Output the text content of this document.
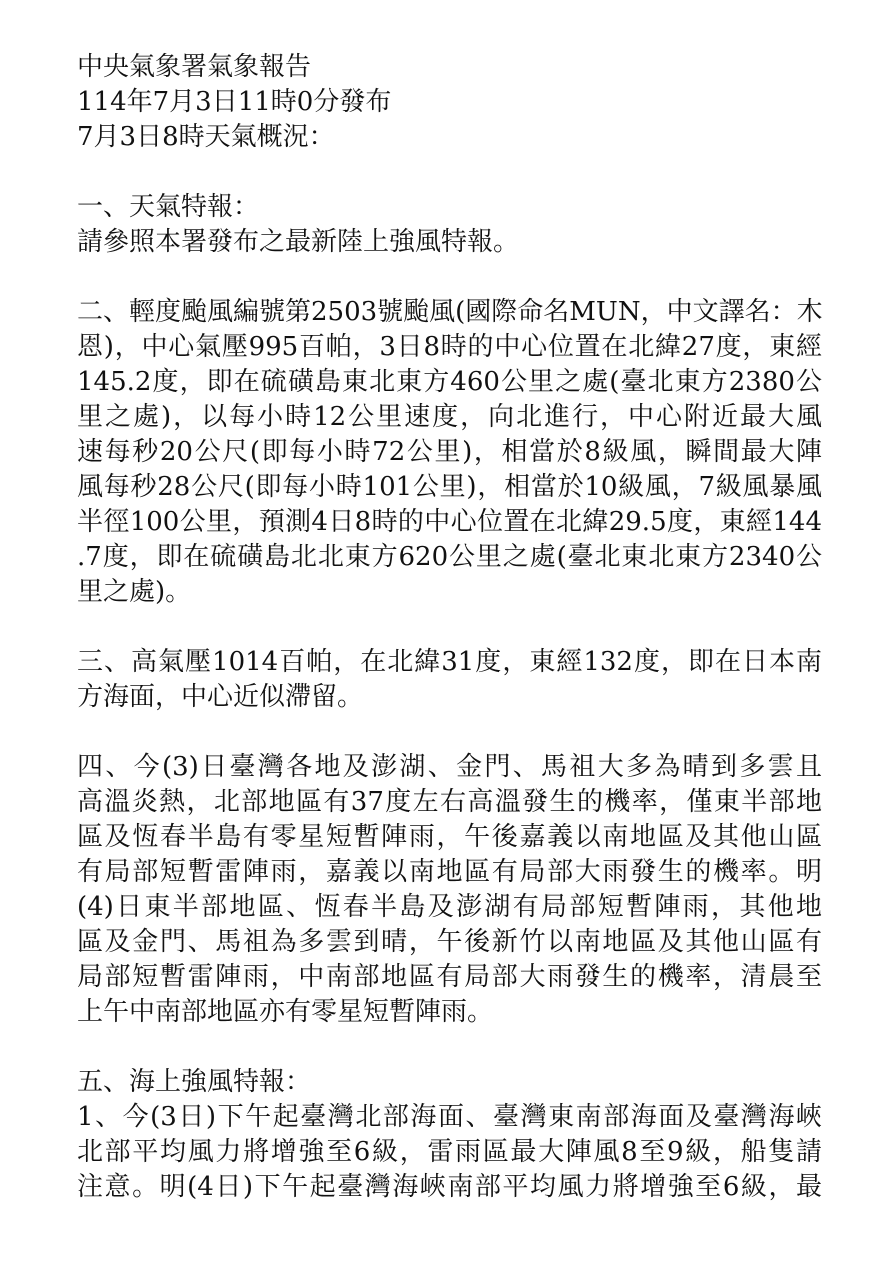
中央氣象署氣象報告
114年7月3日11時0分發布
7月3日8時天氣概況：
一、天氣特報：
請參照本署發布之最新陸上強風特報。
二、輕度颱風編號第2503號颱風(國際命名MUN，中文譯名：木
恩)，中心氣壓995百帕，3日8時的中心位置在北緯27度，東經
145.2度，即在硫磺島東北東方460公里之處(臺北東方2380公
里之處)，以每小時12公里速度，向北進行，中心附近最大風
速每秒20公尺(即每小時72公里)，相當於8級風，瞬間最大陣
風每秒28公尺(即每小時101公里)，相當於10級風，7級風暴風
半徑100公里，預測4日8時的中心位置在北緯29.5度，東經144
.7度，即在硫磺島北北東方620公里之處(臺北東北東方2340公
里之處)。
三、高氣壓1014百帕，在北緯31度，東經132度，即在日本南
方海面，中心近似滯留。
四、今(3)日臺灣各地及澎湖、金門、馬祖大多為晴到多雲且
高溫炎熱，北部地區有37度左右高溫發生的機率，僅東半部地
區及恆春半島有零星短暫陣雨，午後嘉義以南地區及其他山區
有局部短暫雷陣雨，嘉義以南地區有局部大雨發生的機率。明
(4)日東半部地區、恆春半島及澎湖有局部短暫陣雨，其他地
區及金門、馬祖為多雲到晴，午後新竹以南地區及其他山區有
局部短暫雷陣雨，中南部地區有局部大雨發生的機率，清晨至
上午中南部地區亦有零星短暫陣雨。
五、海上強風特報：
1、今(3日)下午起臺灣北部海面、臺灣東南部海面及臺灣海峽
北部平均風力將增強至6級，雷雨區最大陣風8至9級，船隻請
注意。明(4日)下午起臺灣海峽南部平均風力將增強至6級，最
